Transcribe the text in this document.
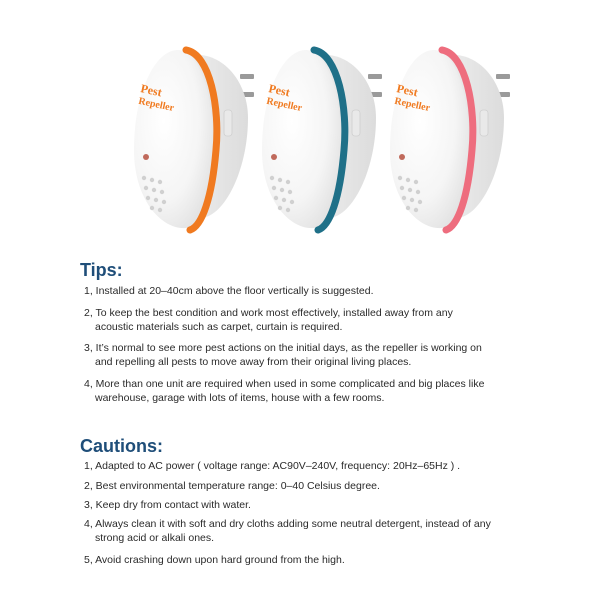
Pest
Repeller
Pest
Repeller
Pest
Repeller
Tips:
1, Installed at 20–40cm above the floor vertically is suggested.
2, To keep the best condition and work most effectively, installed away from any
acoustic materials such as carpet, curtain is required.
3, It’s normal to see more pest actions on the initial days, as the repeller is working on
and repelling all pests to move away from their original living places.
4, More than one unit are required when used in some complicated and big places like
warehouse, garage with lots of items, house with a few rooms.
Cautions:
1, Adapted to AC power ( voltage range: AC90V–240V, frequency: 20Hz–65Hz ) .
2, Best environmental temperature range: 0–40 Celsius degree.
3, Keep dry from contact with water.
4, Always clean it with soft and dry cloths adding some neutral detergent, instead of any
strong acid or alkali ones.
5, Avoid crashing down upon hard ground from the high.
